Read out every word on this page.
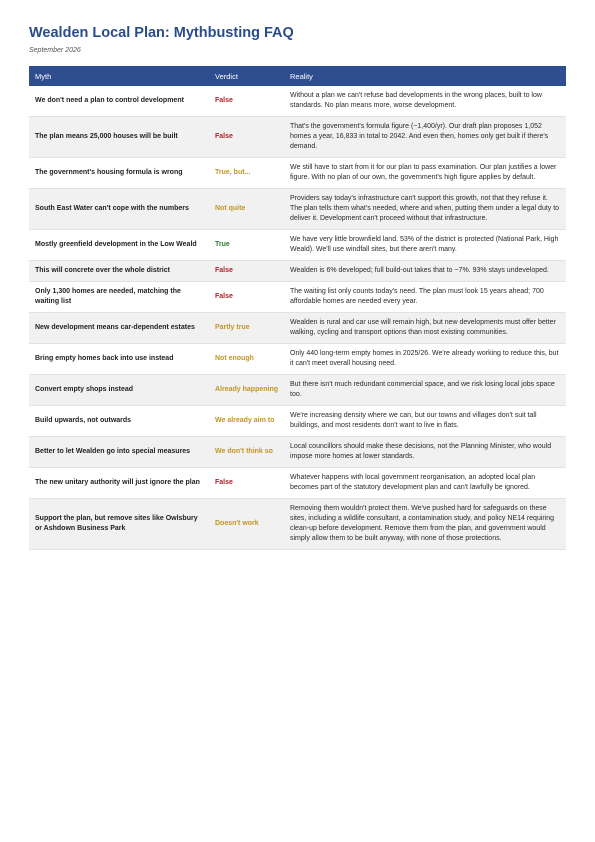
Wealden Local Plan: Mythbusting FAQ
September 2026
Myth	Verdict	Reality
We don't need a plan to control development	False	Without a plan we can't refuse bad developments in the wrong places, built to low standards. No plan means more, worse development.
The plan means 25,000 houses will be built	False	That's the government's formula figure (~1,400/yr). Our draft plan proposes 1,052 homes a year, 16,833 in total to 2042. And even then, homes only get built if there's demand.
The government's housing formula is wrong	True, but...	We still have to start from it for our plan to pass examination. Our plan justifies a lower figure. With no plan of our own, the government's high figure applies by default.
South East Water can't cope with the numbers	Not quite	Providers say today's infrastructure can't support this growth, not that they refuse it. The plan tells them what's needed, where and when, putting them under a legal duty to deliver it. Development can't proceed without that infrastructure.
Mostly greenfield development in the Low Weald	True	We have very little brownfield land. 53% of the district is protected (National Park, High Weald). We'll use windfall sites, but there aren't many.
This will concrete over the whole district	False	Wealden is 6% developed; full build-out takes that to ~7%. 93% stays undeveloped.
Only 1,300 homes are needed, matching the waiting list	False	The waiting list only counts today's need. The plan must look 15 years ahead; 700 affordable homes are needed every year.
New development means car-dependent estates	Partly true	Wealden is rural and car use will remain high, but new developments must offer better walking, cycling and transport options than most existing communities.
Bring empty homes back into use instead	Not enough	Only 440 long-term empty homes in 2025/26. We're already working to reduce this, but it can't meet overall housing need.
Convert empty shops instead	Already happening	But there isn't much redundant commercial space, and we risk losing local jobs space too.
Build upwards, not outwards	We already aim to	We're increasing density where we can, but our towns and villages don't suit tall buildings, and most residents don't want to live in flats.
Better to let Wealden go into special measures	We don't think so	Local councillors should make these decisions, not the Planning Minister, who would impose more homes at lower standards.
The new unitary authority will just ignore the plan	False	Whatever happens with local government reorganisation, an adopted local plan becomes part of the statutory development plan and can't lawfully be ignored.
Support the plan, but remove sites like Owlsbury or Ashdown Business Park	Doesn't work	Removing them wouldn't protect them. We've pushed hard for safeguards on these sites, including a wildlife consultant, a contamination study, and policy NE14 requiring clean-up before development. Remove them from the plan, and government would simply allow them to be built anyway, with none of those protections.
